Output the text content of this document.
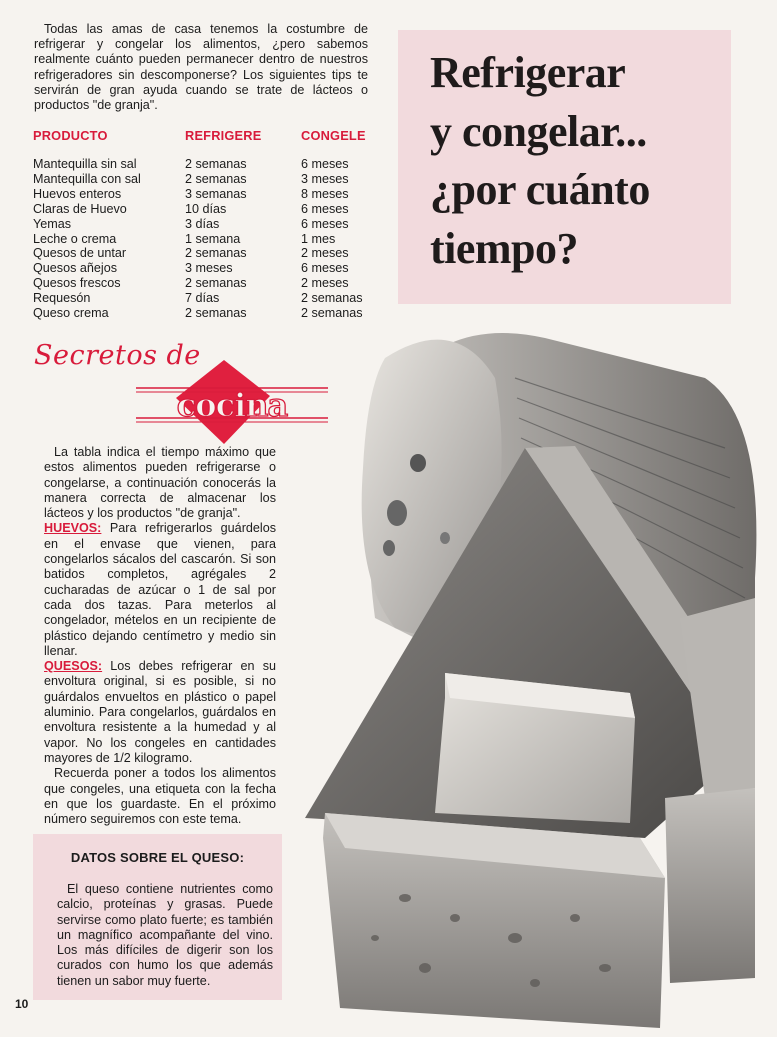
Todas las amas de casa tenemos la costumbre de refrigerar y congelar los alimentos, ¿pero sabemos realmente cuánto pueden permanecer dentro de nuestros refrigeradores sin descomponerse? Los siguientes tips te servirán de gran ayuda cuando se trate de lácteos o productos "de granja".

Refrigerar
y congelar...
¿por cuánto
tiempo?
PRODUCTO	REFRIGERE	CONGELE
Mantequilla sin sal	2 semanas	6 meses
Mantequilla con sal	2 semanas	3 meses
Huevos enteros	3 semanas	8 meses
Claras de Huevo	10 días	6 meses
Yemas	3 días	6 meses
Leche o crema	1 semana	1 mes
Quesos de untar	2 semanas	2 meses
Quesos añejos	3 meses	6 meses
Quesos frescos	2 semanas	2 meses
Requesón	7 días	2 semanas
Queso crema	2 semanas	2 semanas
Secretos de
cocina

La tabla indica el tiempo máximo que estos alimentos pueden refrigerarse o congelarse, a continuación conocerás la manera correcta de almacenar los lácteos y los productos "de granja".

HUEVOS: Para refrigerarlos guárdelos en el envase que vienen, para congelarlos sácalos del cascarón. Si son batidos completos, agrégales 2 cucharadas de azúcar o 1 de sal por cada dos tazas. Para meterlos al congelador, mételos en un recipiente de plástico dejando centímetro y medio sin llenar.

QUESOS: Los debes refrigerar en su envoltura original, si es posible, si no guárdalos envueltos en plástico o papel aluminio. Para congelarlos, guárdalos en envoltura resistente a la humedad y al vapor. No los congeles en cantidades mayores de 1/2 kilogramo.

Recuerda poner a todos los alimentos que congeles, una etiqueta con la fecha en que los guardaste. En el próximo número seguiremos con este tema.

DATOS SOBRE EL QUESO:

El queso contiene nutrientes como calcio, proteínas y grasas. Puede servirse como plato fuerte; es también un magnífico acompañante del vino. Los más difíciles de digerir son los curados con humo los que además tienen un sabor muy fuerte.

10
